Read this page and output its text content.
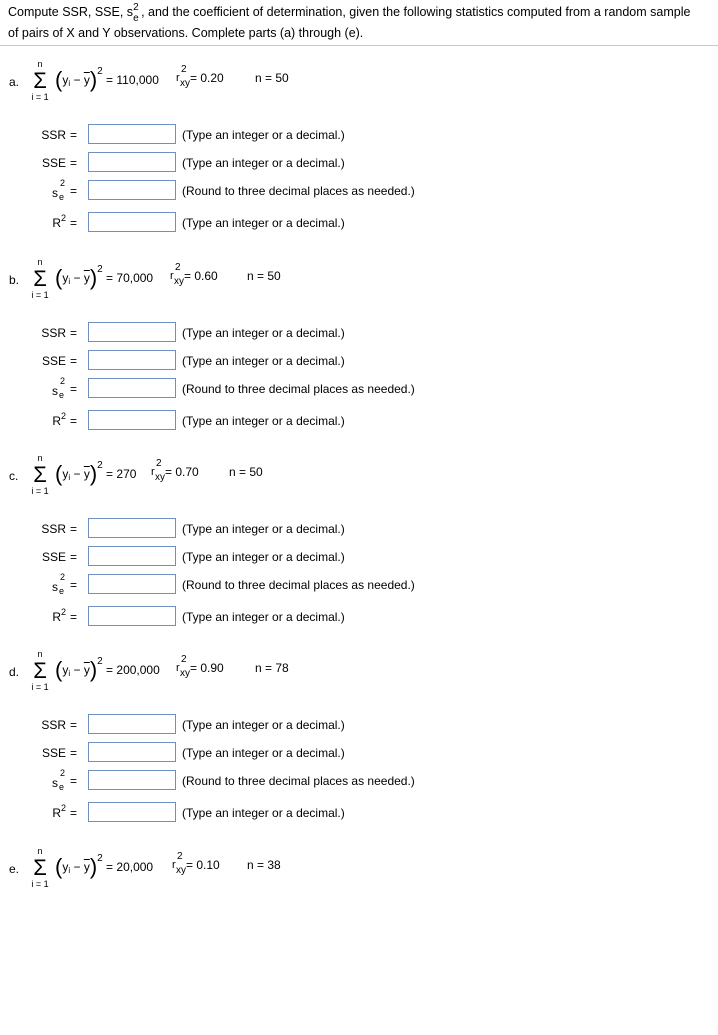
Compute SSR, SSE, s 2
e , and the coefficient of determination, given the following statistics computed from a random sample
of pairs of X and Y observations. Complete parts (a) through (e).
a.
n
Σ
i = 1
$(y_i - \overline{y})^2 = 110,000$ r
2
xy = 0.20	n = 50
SSR =	(Type an integer or a decimal.)
SSE =	(Type an integer or a decimal.)
s
2
e =	(Round to three decimal places as needed.)
$R^2$ =	(Type an integer or a decimal.)
b.
n
Σ
i = 1
$(y_i - \overline{y})^2 = 70,000$ r
2
xy = 0.60 n = 50
SSR =	(Type an integer or a decimal.)
SSE =	(Type an integer or a decimal.)
s
2
e =	(Round to three decimal places as needed.)
$R^2$ =	(Type an integer or a decimal.)
c.
n
Σ
i = 1
$(y_i - \overline{y})^2 = 270$ r
2
xy = 0.70	n = 50
SSR =	(Type an integer or a decimal.)
SSE =	(Type an integer or a decimal.)
s
2
e =	(Round to three decimal places as needed.)
$R^2$ =	(Type an integer or a decimal.)
d.
n
Σ
i = 1
$(y_i - \overline{y})^2 = 200,000$ r
2
xy = 0.90	n = 78
SSR =	(Type an integer or a decimal.)
SSE =	(Type an integer or a decimal.)
s
2
e =	(Round to three decimal places as needed.)
$R^2$ =	(Type an integer or a decimal.)
e.
n
Σ
i = 1
$(y_i - \overline{y})^2 = 20,000$ r
2
xy = 0.10 n = 38
